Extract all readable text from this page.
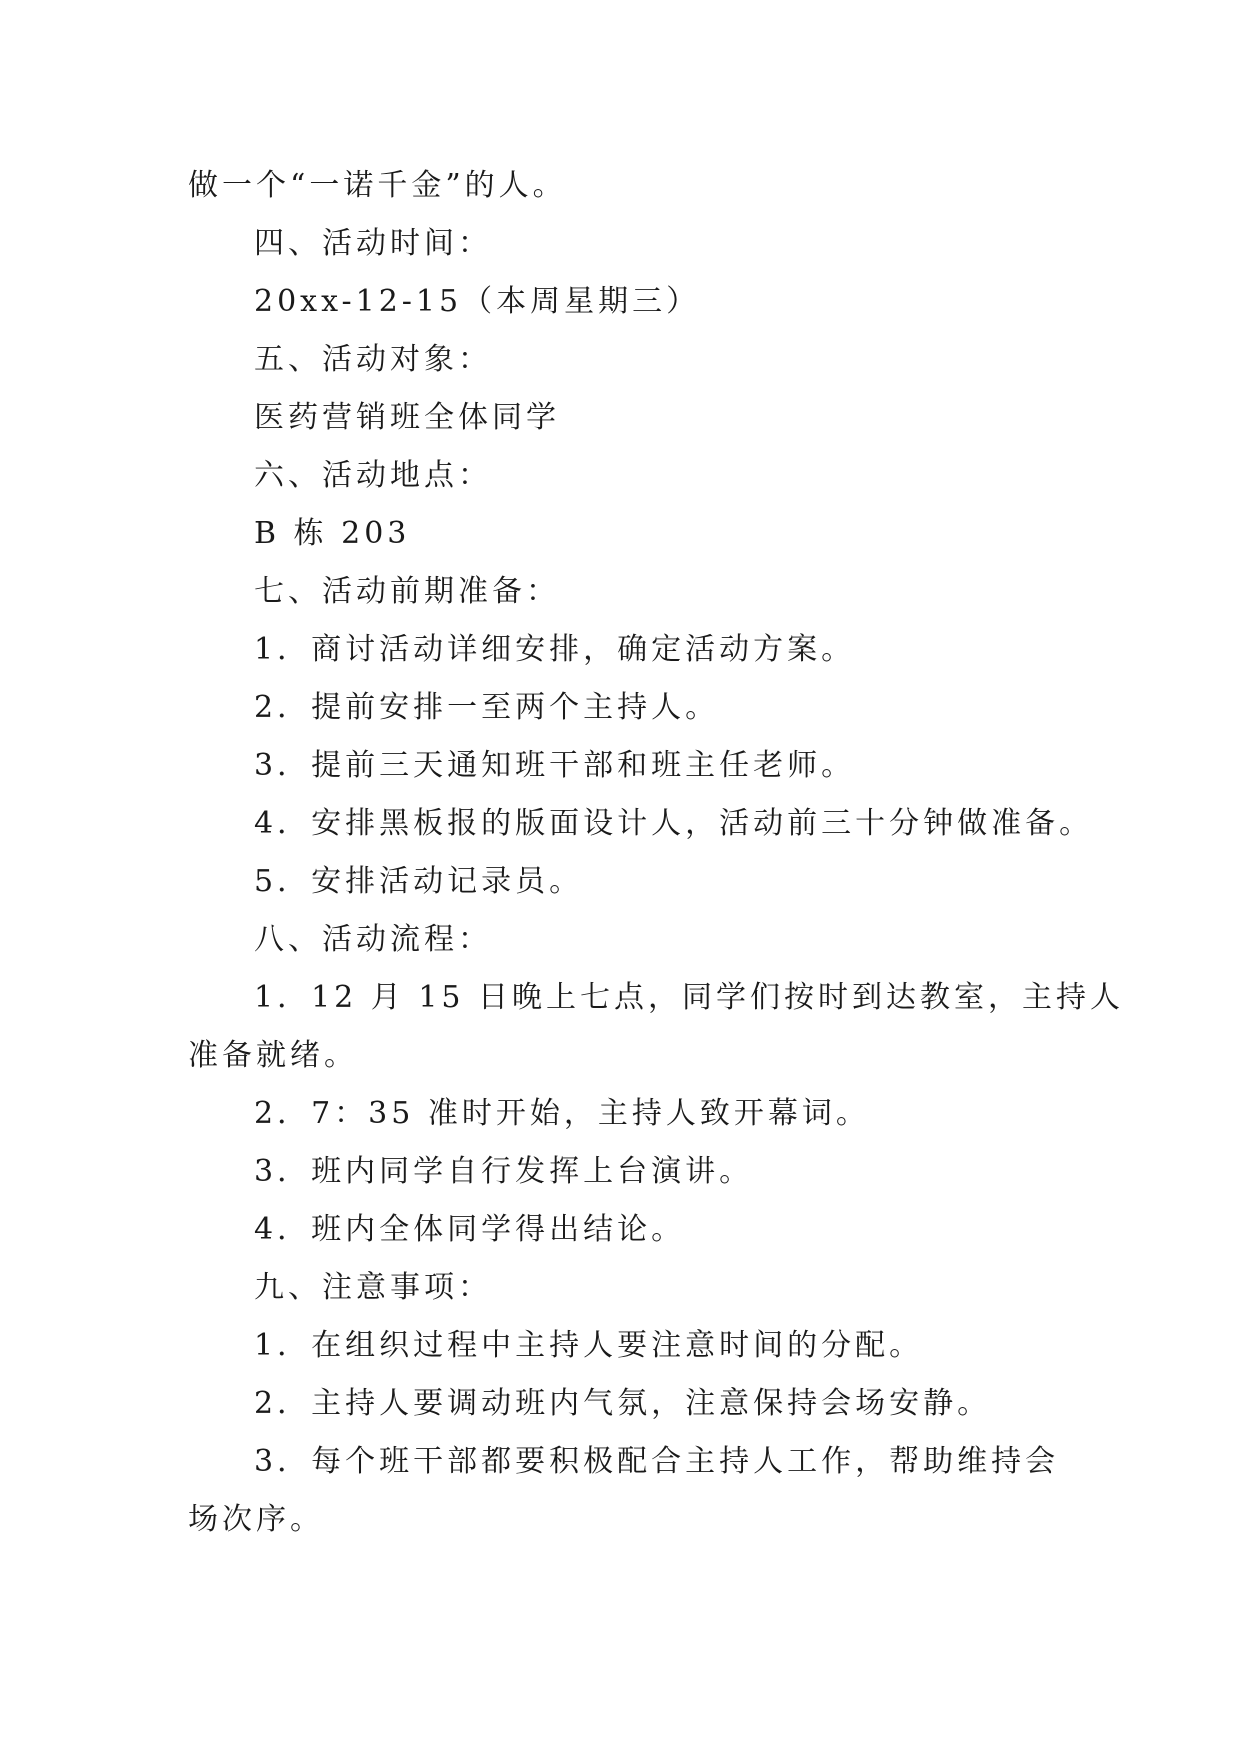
做一个“一诺千金”的人。
四、活动时间：
20xx-12-15（本周星期三）
五、活动对象：
医药营销班全体同学
六、活动地点：
B 栋 203
七、活动前期准备：
1．商讨活动详细安排，确定活动方案。
2．提前安排一至两个主持人。
3．提前三天通知班干部和班主任老师。
4．安排黑板报的版面设计人，活动前三十分钟做准备。
5．安排活动记录员。
八、活动流程：
1．12 月 15 日晚上七点，同学们按时到达教室，主持人
准备就绪。
2．7：35 准时开始，主持人致开幕词。
3．班内同学自行发挥上台演讲。
4．班内全体同学得出结论。
九、注意事项：
1．在组织过程中主持人要注意时间的分配。
2．主持人要调动班内气氛，注意保持会场安静。
3．每个班干部都要积极配合主持人工作，帮助维持会
场次序。
